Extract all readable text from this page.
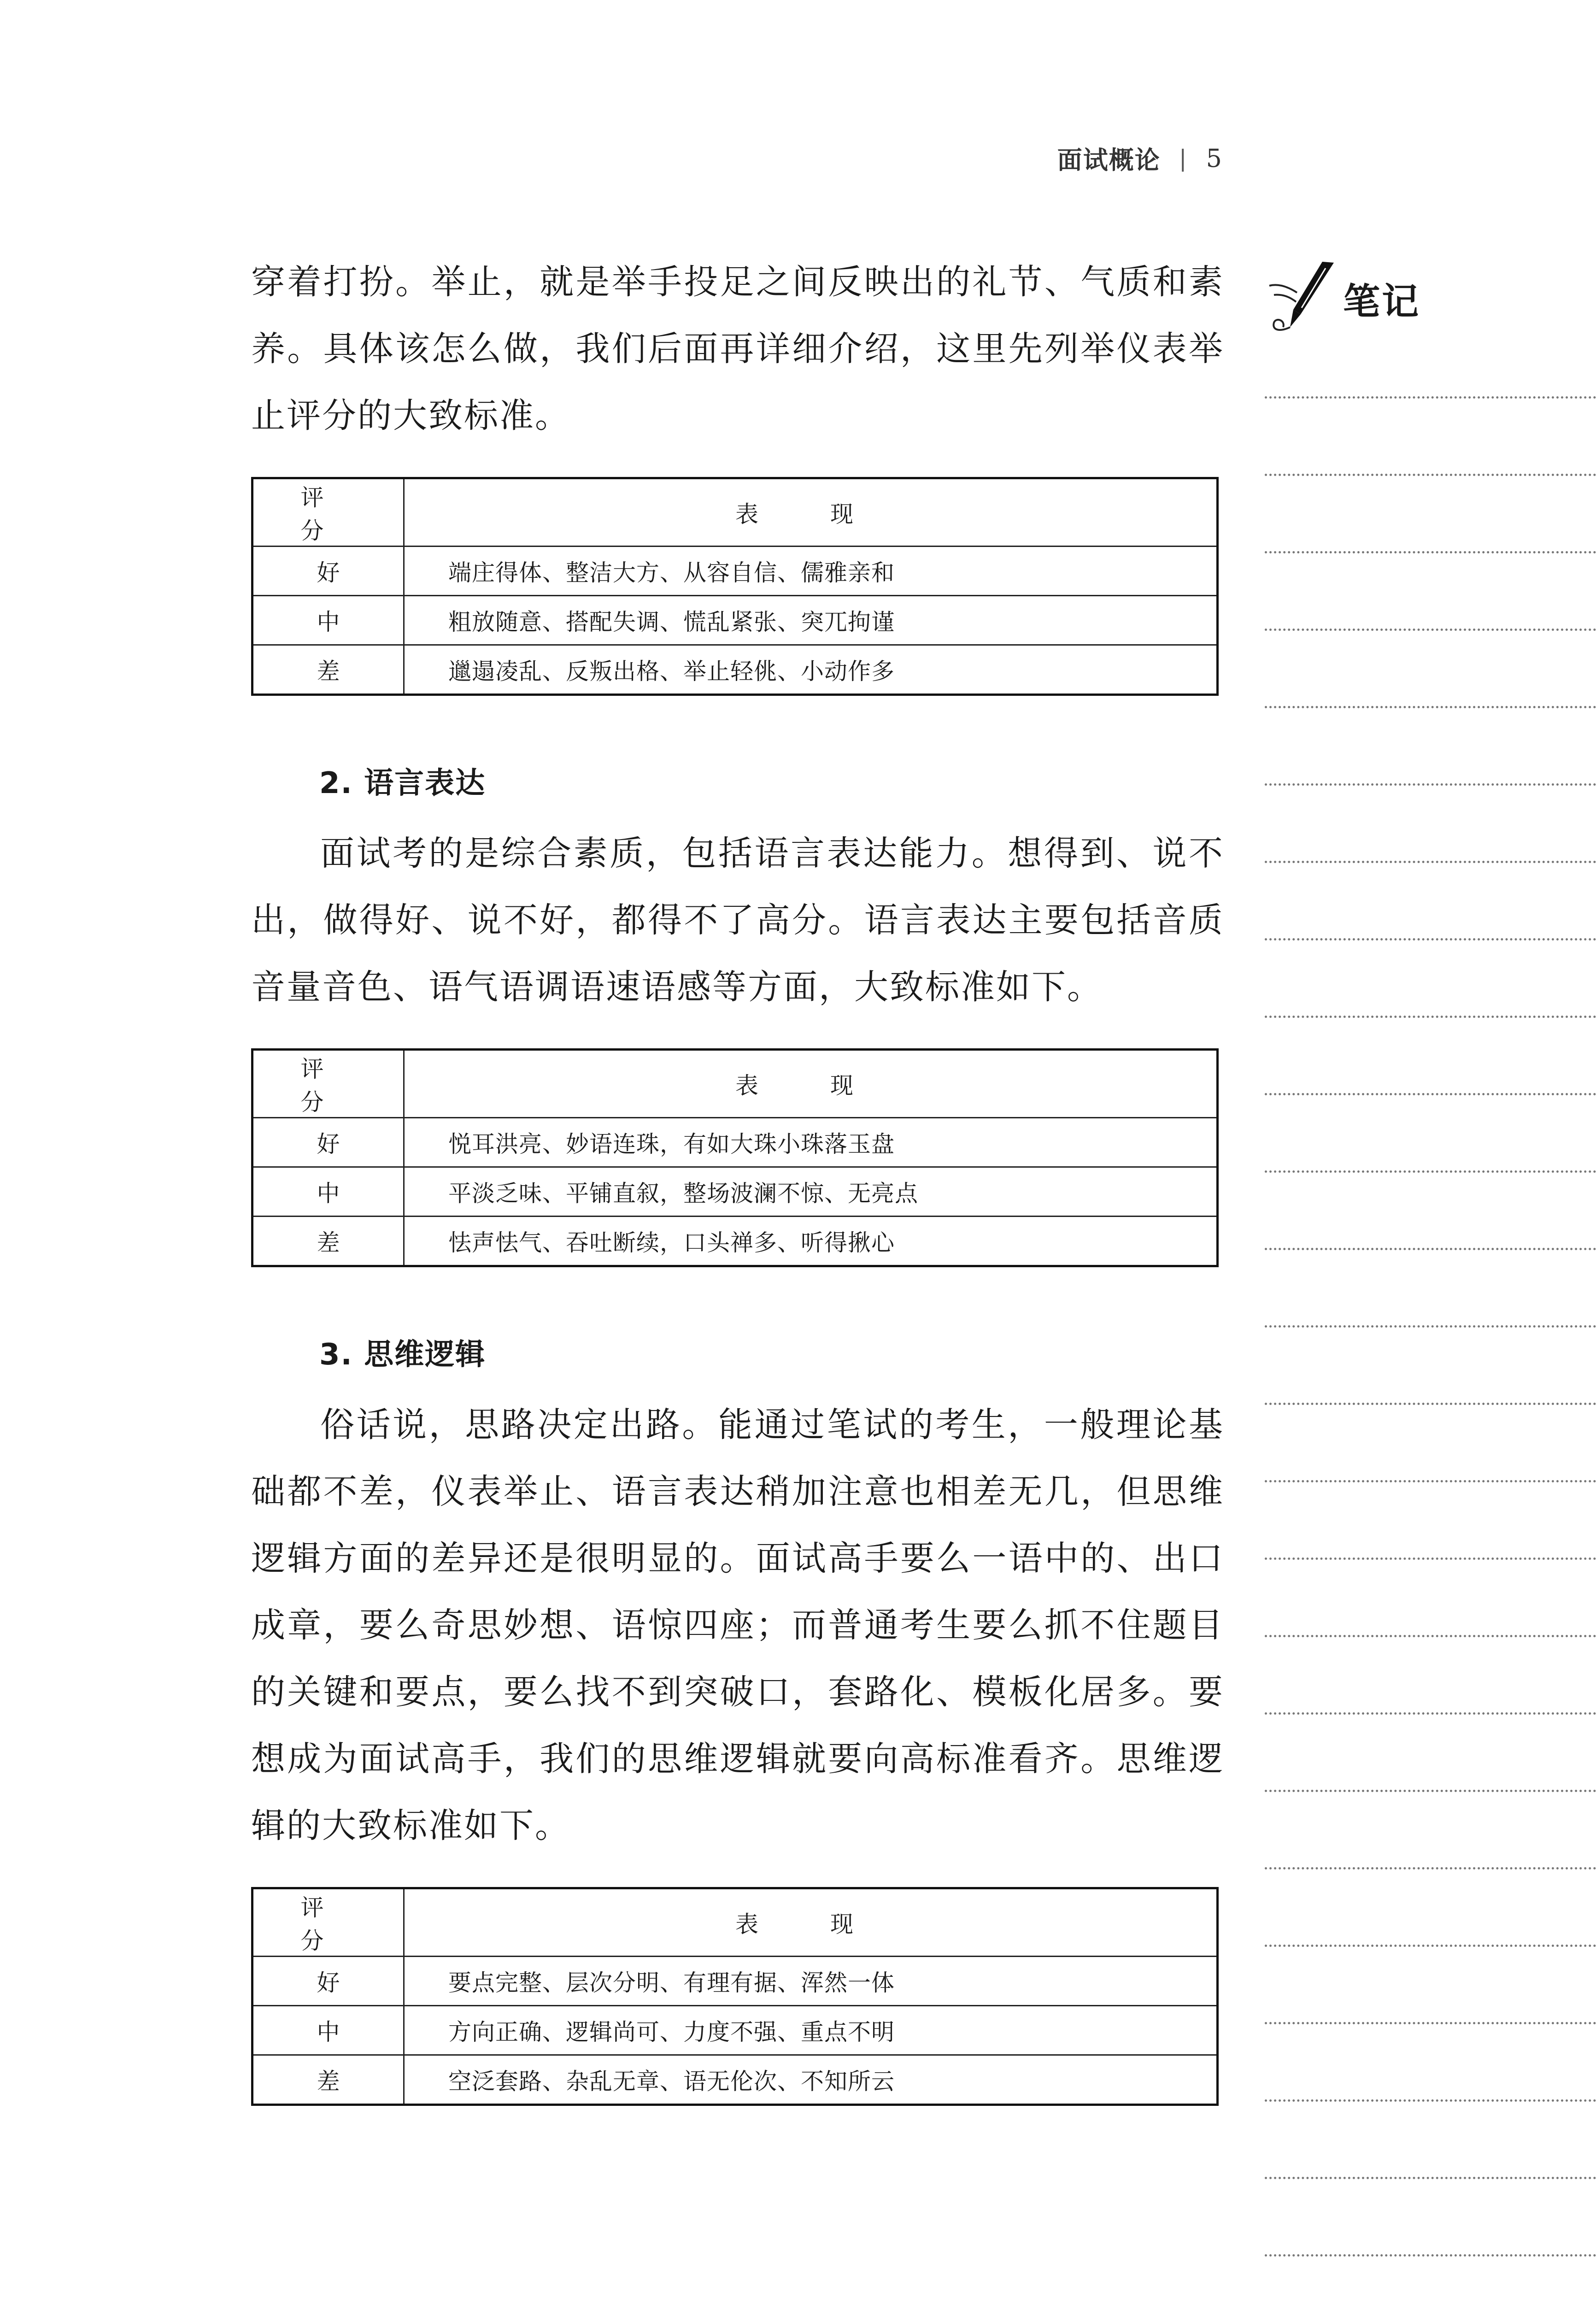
面试概论 | 5

穿着打扮。举止，就是举手投足之间反映出的礼节、气质和素养。具体该怎么做，我们后面再详细介绍，这里先列举仪表举止评分的大致标准。

评 分	表 现
好	端庄得体、整洁大方、从容自信、儒雅亲和
中	粗放随意、搭配失调、慌乱紧张、突兀拘谨
差	邋遢凌乱、反叛出格、举止轻佻、小动作多
2. 语言表达

面试考的是综合素质，包括语言表达能力。想得到、说不出，做得好、说不好，都得不了高分。语言表达主要包括音质音量音色、语气语调语速语感等方面，大致标准如下。

评 分	表 现
好	悦耳洪亮、妙语连珠，有如大珠小珠落玉盘
中	平淡乏味、平铺直叙，整场波澜不惊、无亮点
差	怯声怯气、吞吐断续，口头禅多、听得揪心
3. 思维逻辑

俗话说，思路决定出路。能通过笔试的考生，一般理论基础都不差，仪表举止、语言表达稍加注意也相差无几，但思维逻辑方面的差异还是很明显的。面试高手要么一语中的、出口成章，要么奇思妙想、语惊四座；而普通考生要么抓不住题目的关键和要点，要么找不到突破口，套路化、模板化居多。要想成为面试高手，我们的思维逻辑就要向高标准看齐。思维逻辑的大致标准如下。

评 分	表 现
好	要点完整、层次分明、有理有据、浑然一体
中	方向正确、逻辑尚可、力度不强、重点不明
差	空泛套路、杂乱无章、语无伦次、不知所云
笔记
